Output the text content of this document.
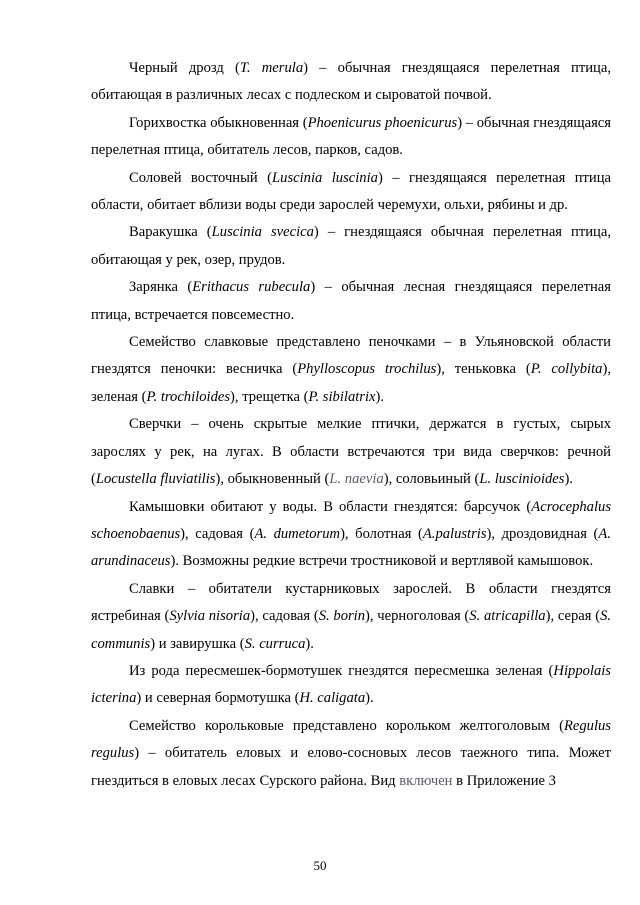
Черный дрозд (T. merula) – обычная гнездящаяся перелетная птица, обитающая в различных лесах с подлеском и сыроватой почвой.

Горихвостка обыкновенная (Phoenicurus phoenicurus) – обычная гнездящаяся перелетная птица, обитатель лесов, парков, садов.

Соловей восточный (Luscinia luscinia) – гнездящаяся перелетная птица области, обитает вблизи воды среди зарослей черемухи, ольхи, рябины и др.

Варакушка (Luscinia svecica) – гнездящаяся обычная перелетная птица, обитающая у рек, озер, прудов.

Зарянка (Erithacus rubecula) – обычная лесная гнездящаяся перелетная птица, встречается повсеместно.

Семейство славковые представлено пеночками – в Ульяновской области гнездятся пеночки: весничка (Phylloscopus trochilus), теньковка (P. collybita), зеленая (P. trochiloides), трещетка (P. sibilatrix).

Сверчки – очень скрытые мелкие птички, держатся в густых, сырых зарослях у рек, на лугах. В области встречаются три вида сверчков: речной (Locustella fluviatilis), обыкновенный (L. naevia), соловьиный (L. luscinioides).

Камышовки обитают у воды. В области гнездятся: барсучок (Acrocephalus schoenobaenus), садовая (A. dumetorum), болотная (A.palustris), дроздовидная (A. arundinaceus). Возможны редкие встречи тростниковой и вертлявой камышовок.

Славки – обитатели кустарниковых зарослей. В области гнездятся ястребиная (Sylvia nisoria), садовая (S. borin), черноголовая (S. atricapilla), серая (S. communis) и завирушка (S. curruca).

Из рода пересмешек-бормотушек гнездятся пересмешка зеленая (Hippolais icterina) и северная бормотушка (H. caligata).

Семейство корольковые представлено корольком желтоголовым (Regulus regulus) – обитатель еловых и елово-сосновых лесов таежного типа. Может гнездиться в еловых лесах Сурского района. Вид включен в Приложение 3

50
